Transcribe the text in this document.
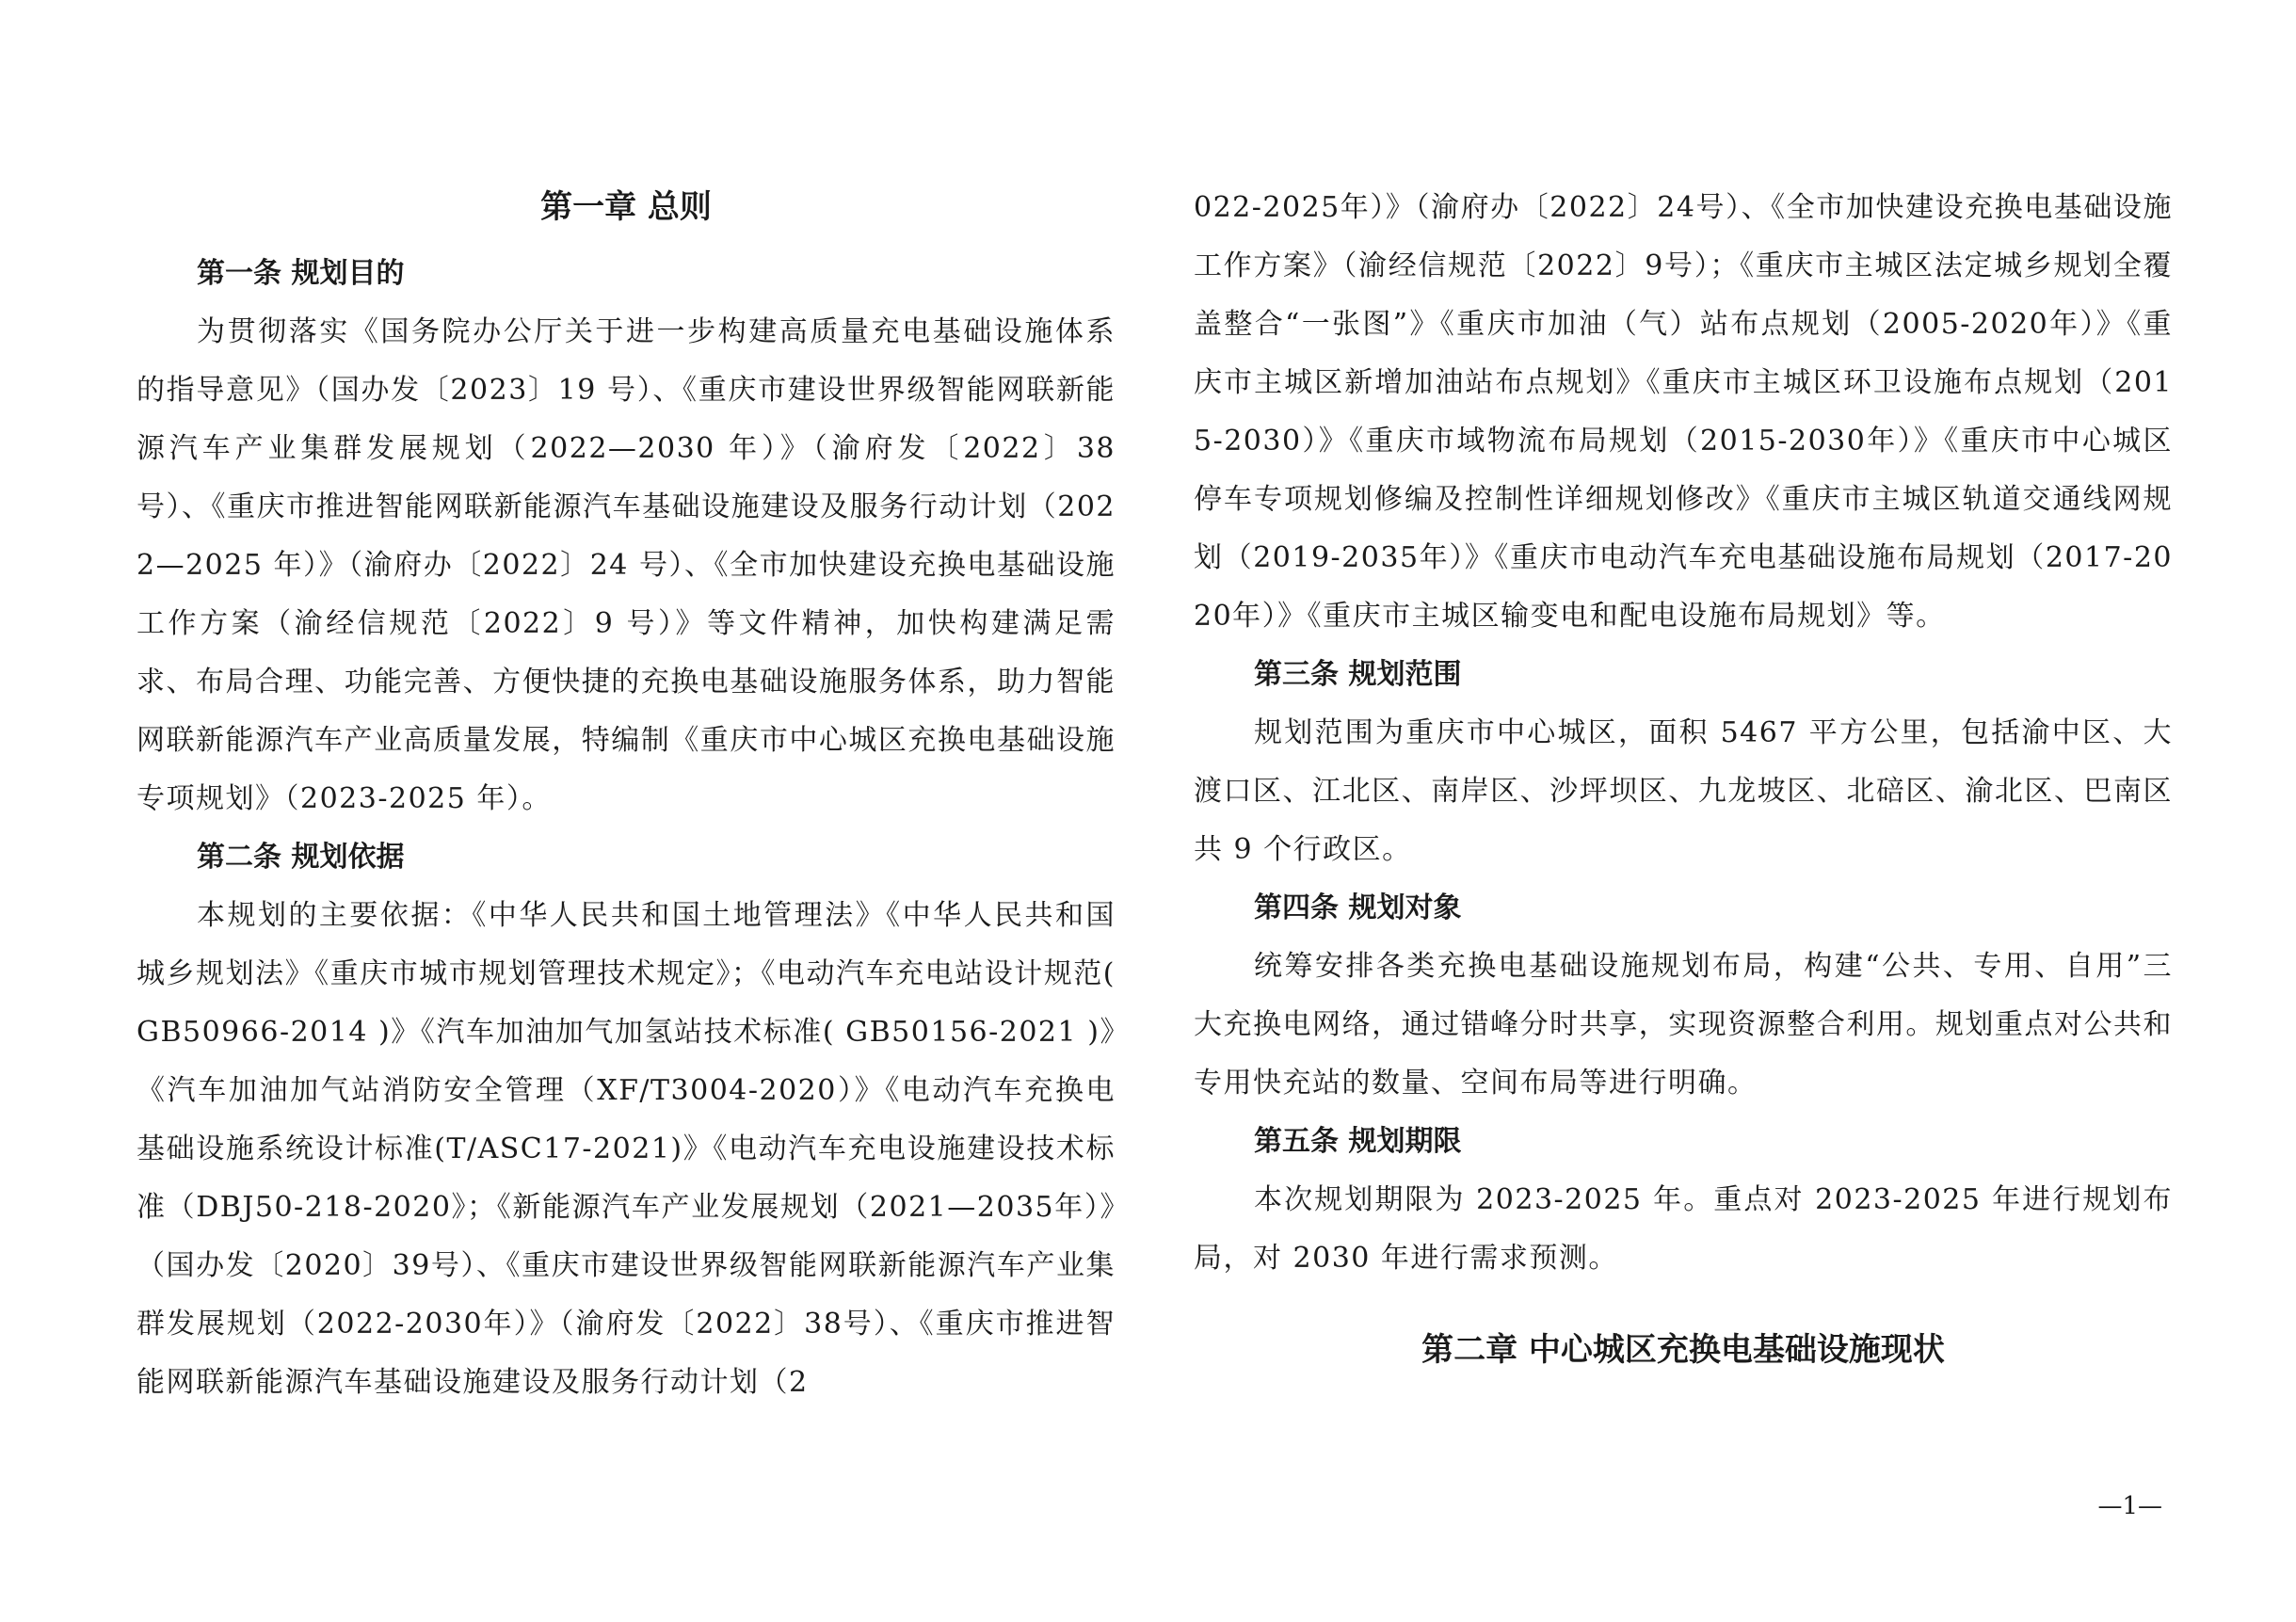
第一章 总则
第一条 规划目的

为贯彻落实《国务院办公厅关于进一步构建高质量充电基础设施体系的指导意见》（国办发〔2023〕19 号）、《重庆市建设世界级智能网联新能源汽车产业集群发展规划（2022—2030 年）》（渝府发〔2022〕38 号）、《重庆市推进智能网联新能源汽车基础设施建设及服务行动计划（2022—2025 年）》（渝府办〔2022〕24 号）、《全市加快建设充换电基础设施工作方案（渝经信规范〔2022〕9 号）》等文件精神，加快构建满足需求、布局合理、功能完善、方便快捷的充换电基础设施服务体系，助力智能网联新能源汽车产业高质量发展，特编制《重庆市中心城区充换电基础设施专项规划》（2023-2025 年）。

第二条 规划依据

本规划的主要依据：《中华人民共和国土地管理法》《中华人民共和国城乡规划法》《重庆市城市规划管理技术规定》；《电动汽车充电站设计规范( GB50966-2014 )》《汽车加油加气加氢站技术标准( GB50156-2021 )》《汽车加油加气站消防安全管理（XF/T3004-2020）》《电动汽车充换电基础设施系统设计标准(T/ASC17-2021)》《电动汽车充电设施建设技术标准（DBJ50-218-2020》；《新能源汽车产业发展规划（2021—2035年）》（国办发〔2020〕39号）、《重庆市建设世界级智能网联新能源汽车产业集群发展规划（2022-2030年）》（渝府发〔2022〕38号）、《重庆市推进智能网联新能源汽车基础设施建设及服务行动计划（2

022-2025年）》（渝府办〔2022〕24号）、《全市加快建设充换电基础设施工作方案》（渝经信规范〔2022〕9号）；《重庆市主城区法定城乡规划全覆盖整合“一张图”》《重庆市加油（气）站布点规划（2005-2020年）》《重庆市主城区新增加油站布点规划》《重庆市主城区环卫设施布点规划（2015-2030）》《重庆市域物流布局规划（2015-2030年）》《重庆市中心城区停车专项规划修编及控制性详细规划修改》《重庆市主城区轨道交通线网规划（2019-2035年）》《重庆市电动汽车充电基础设施布局规划（2017-2020年）》《重庆市主城区输变电和配电设施布局规划》等。

第三条 规划范围

规划范围为重庆市中心城区，面积 5467 平方公里，包括渝中区、大渡口区、江北区、南岸区、沙坪坝区、九龙坡区、北碚区、渝北区、巴南区共 9 个行政区。

第四条 规划对象

统筹安排各类充换电基础设施规划布局，构建“公共、专用、自用”三大充换电网络，通过错峰分时共享，实现资源整合利用。规划重点对公共和专用快充站的数量、空间布局等进行明确。

第五条 规划期限

本次规划期限为 2023-2025 年。重点对 2023-2025 年进行规划布局，对 2030 年进行需求预测。

第二章 中心城区充换电基础设施现状
—1—
